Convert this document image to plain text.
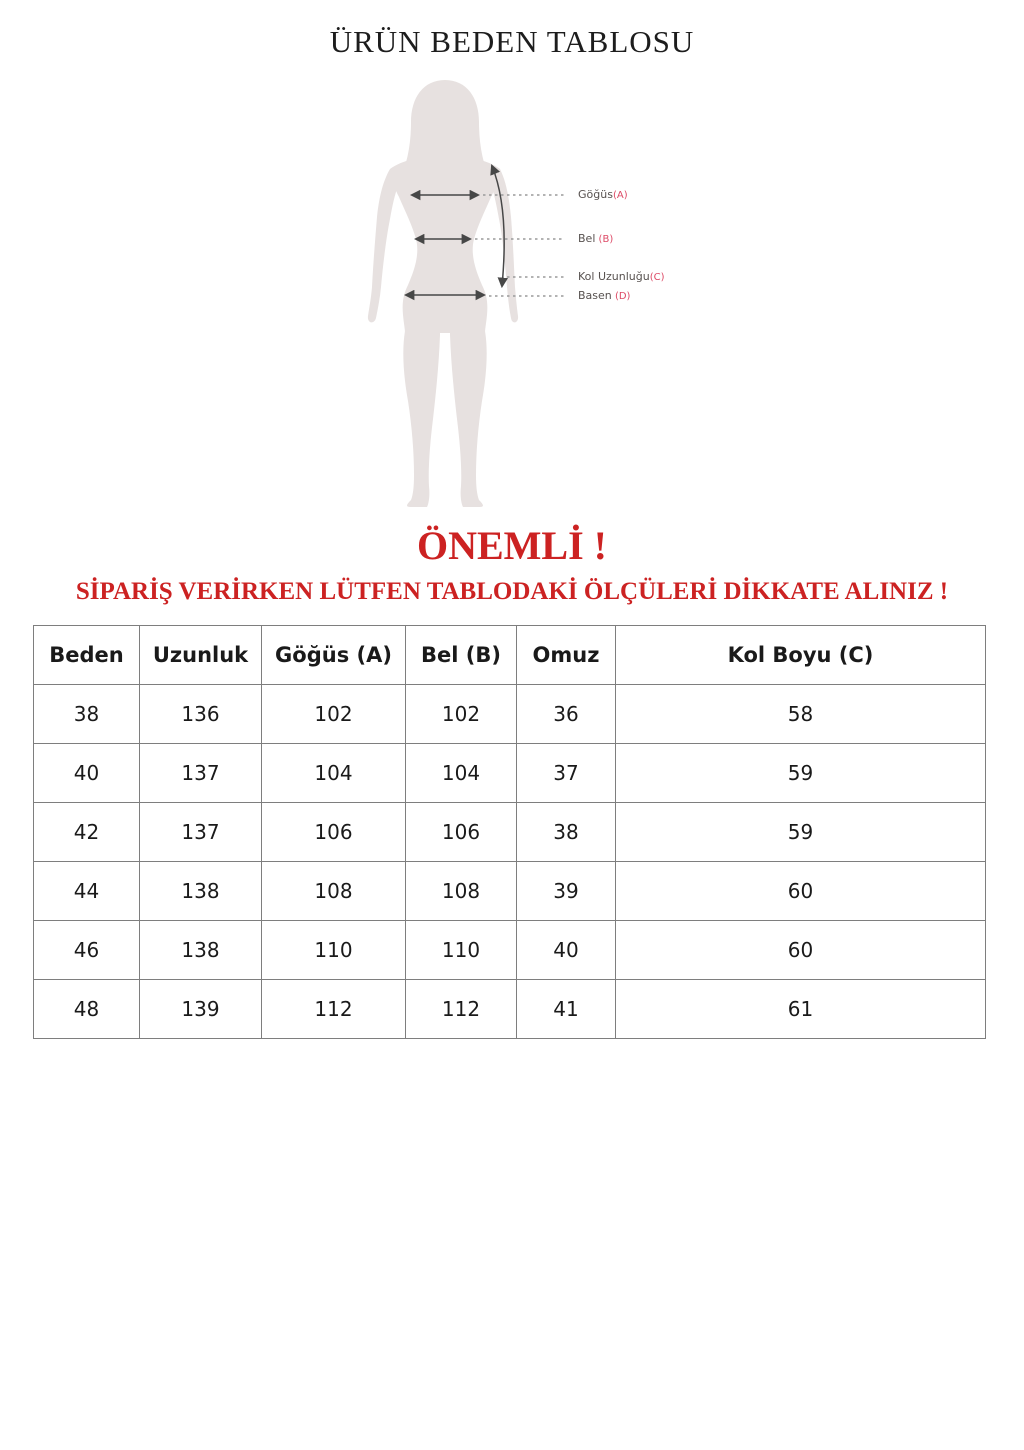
ÜRÜN BEDEN TABLOSU
Göğüs(A)
Bel (B)
Kol Uzunluğu(C)
Basen (D)
ÖNEMLİ !
SİPARİŞ VERİRKEN LÜTFEN TABLODAKİ ÖLÇÜLERİ DİKKATE ALINIZ !
Beden	Uzunluk	Göğüs (A)	Bel (B)	Omuz	Kol Boyu (C)
38	136	102	102	36	58
40	137	104	104	37	59
42	137	106	106	38	59
44	138	108	108	39	60
46	138	110	110	40	60
48	139	112	112	41	61
